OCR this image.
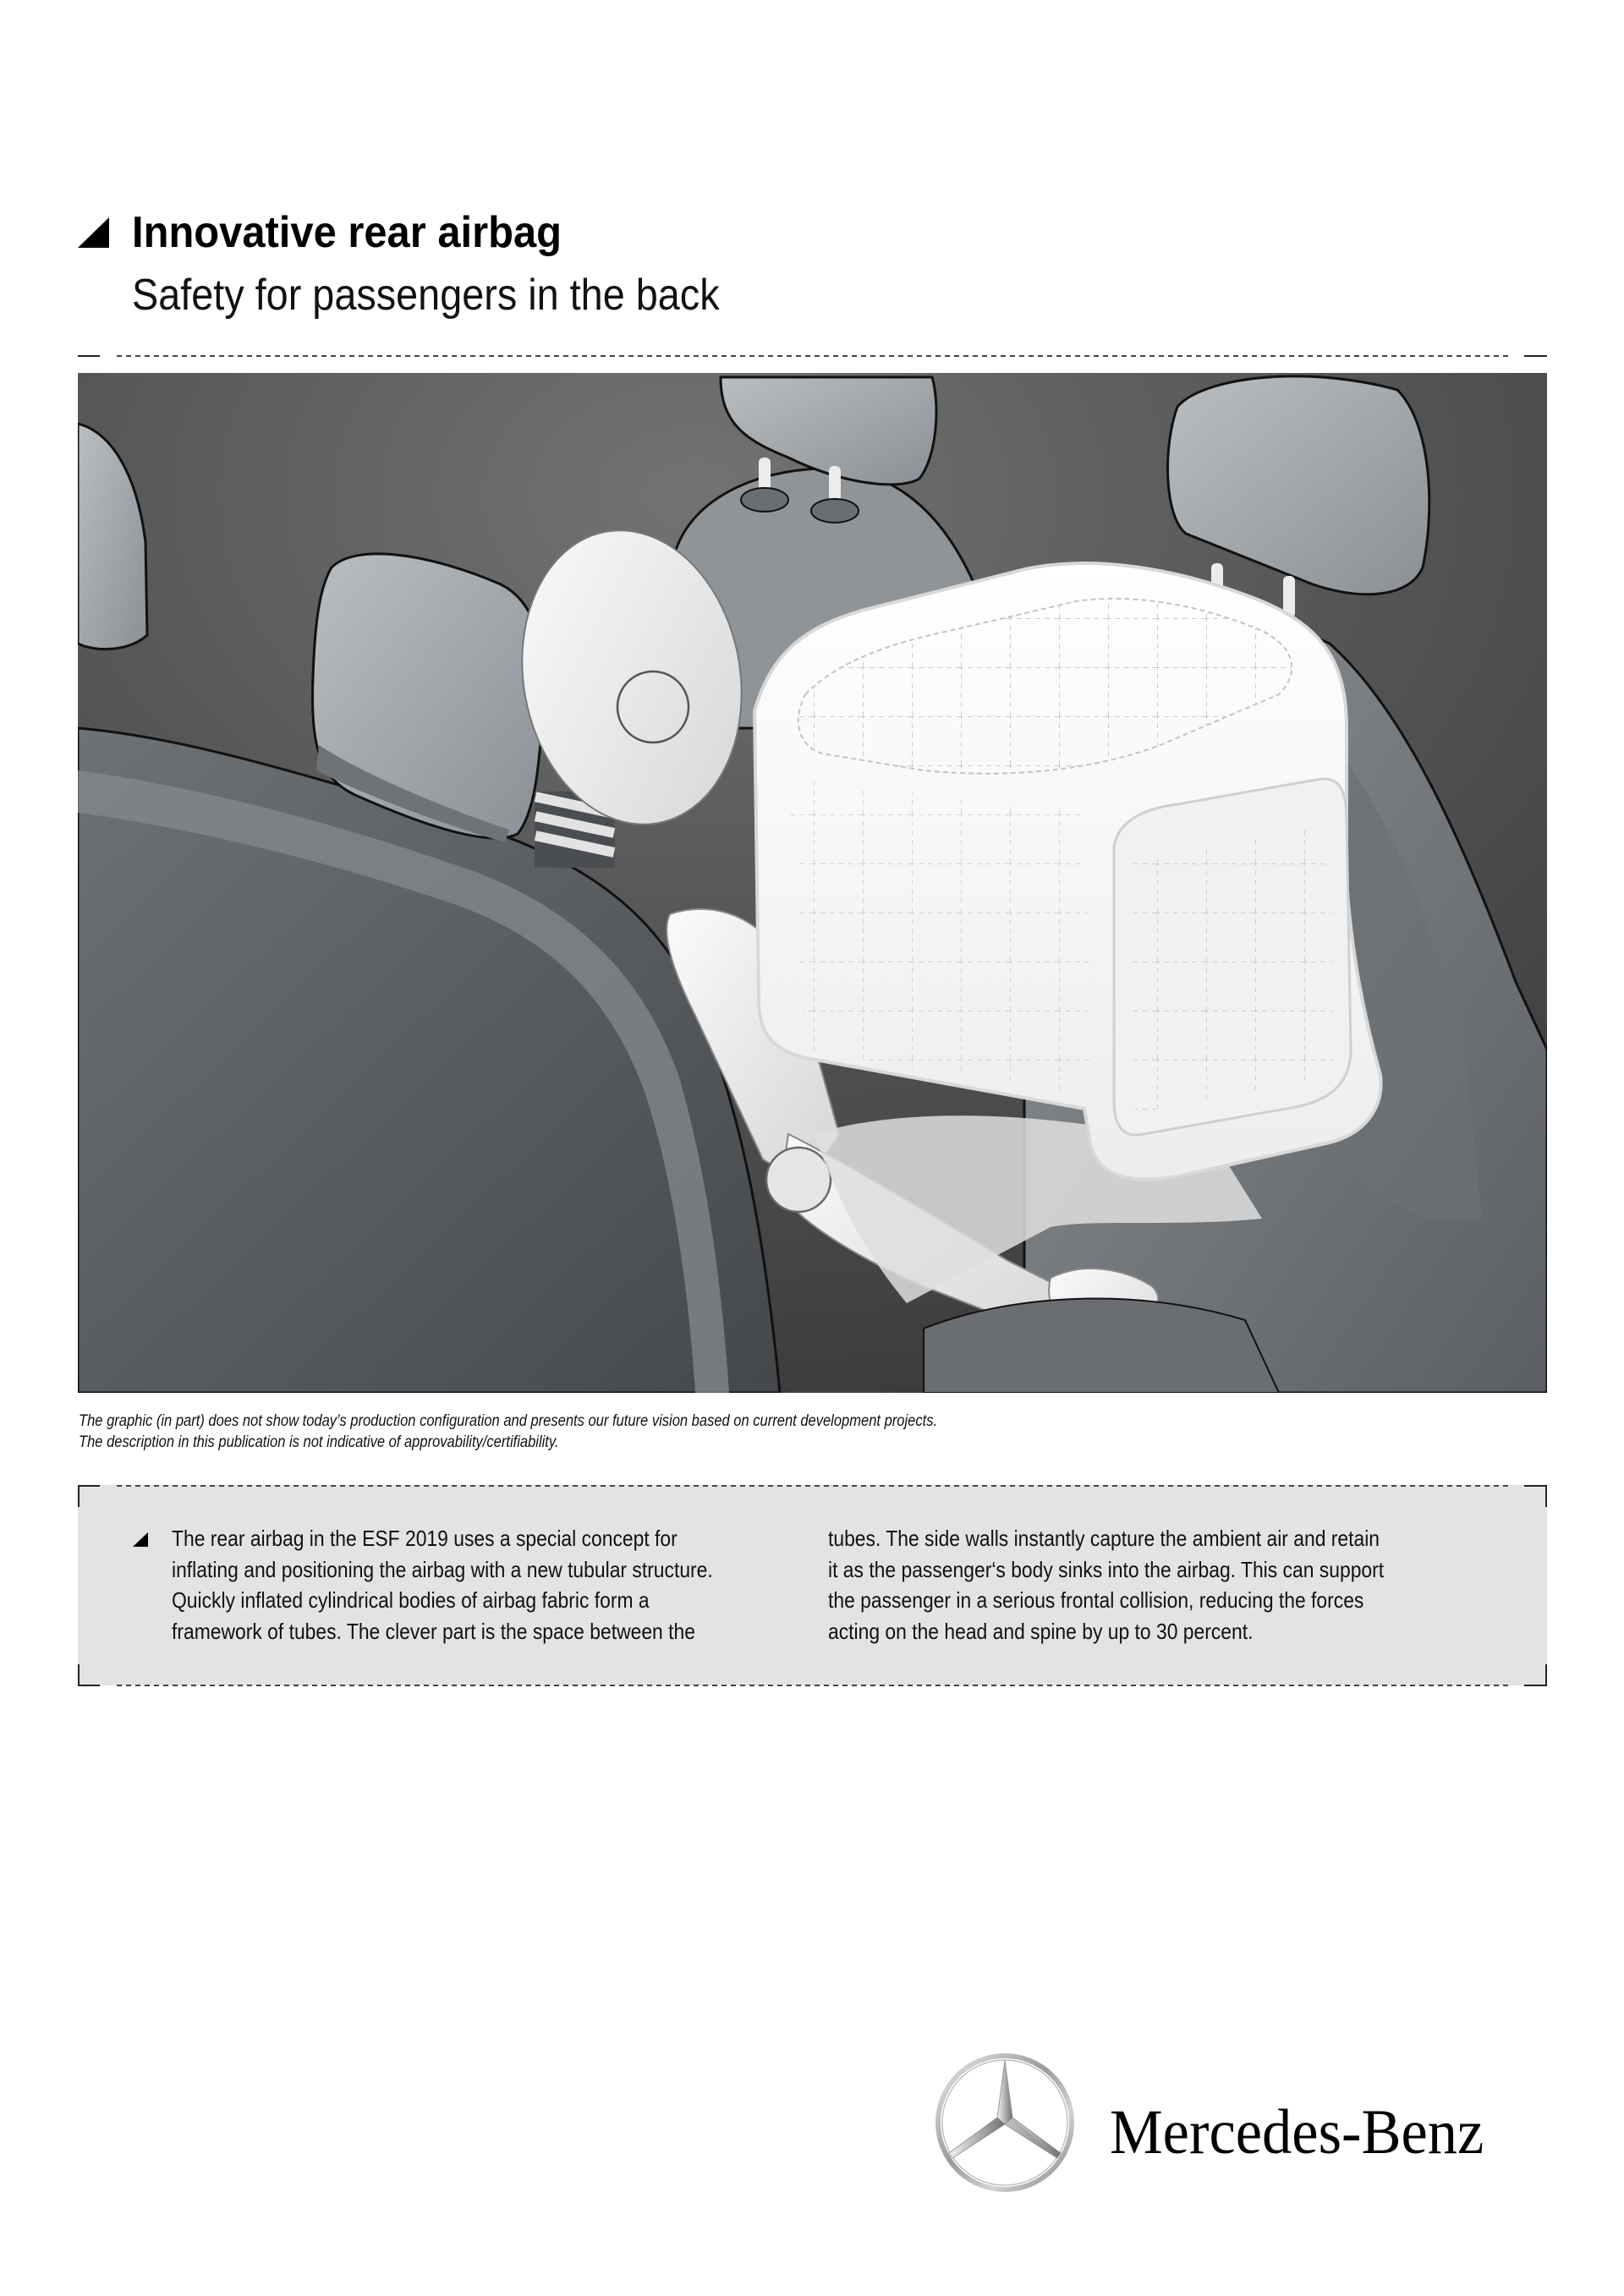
Innovative rear airbag
Safety for passengers in the back
The graphic (in part) does not show today’s production configuration and presents our future vision based on current development projects.
The description in this publication is not indicative of approvability/certifiability.
The rear airbag in the ESF 2019 uses a special concept for
inflating and positioning the airbag with a new tubular structure.
Quickly inflated cylindrical bodies of airbag fabric form a
framework of tubes. The clever part is the space between the
tubes. The side walls instantly capture the ambient air and retain
it as the passenger‘s body sinks into the airbag. This can support
the passenger in a serious frontal collision, reducing the forces
acting on the head and spine by up to 30 percent.
Mercedes-Benz
